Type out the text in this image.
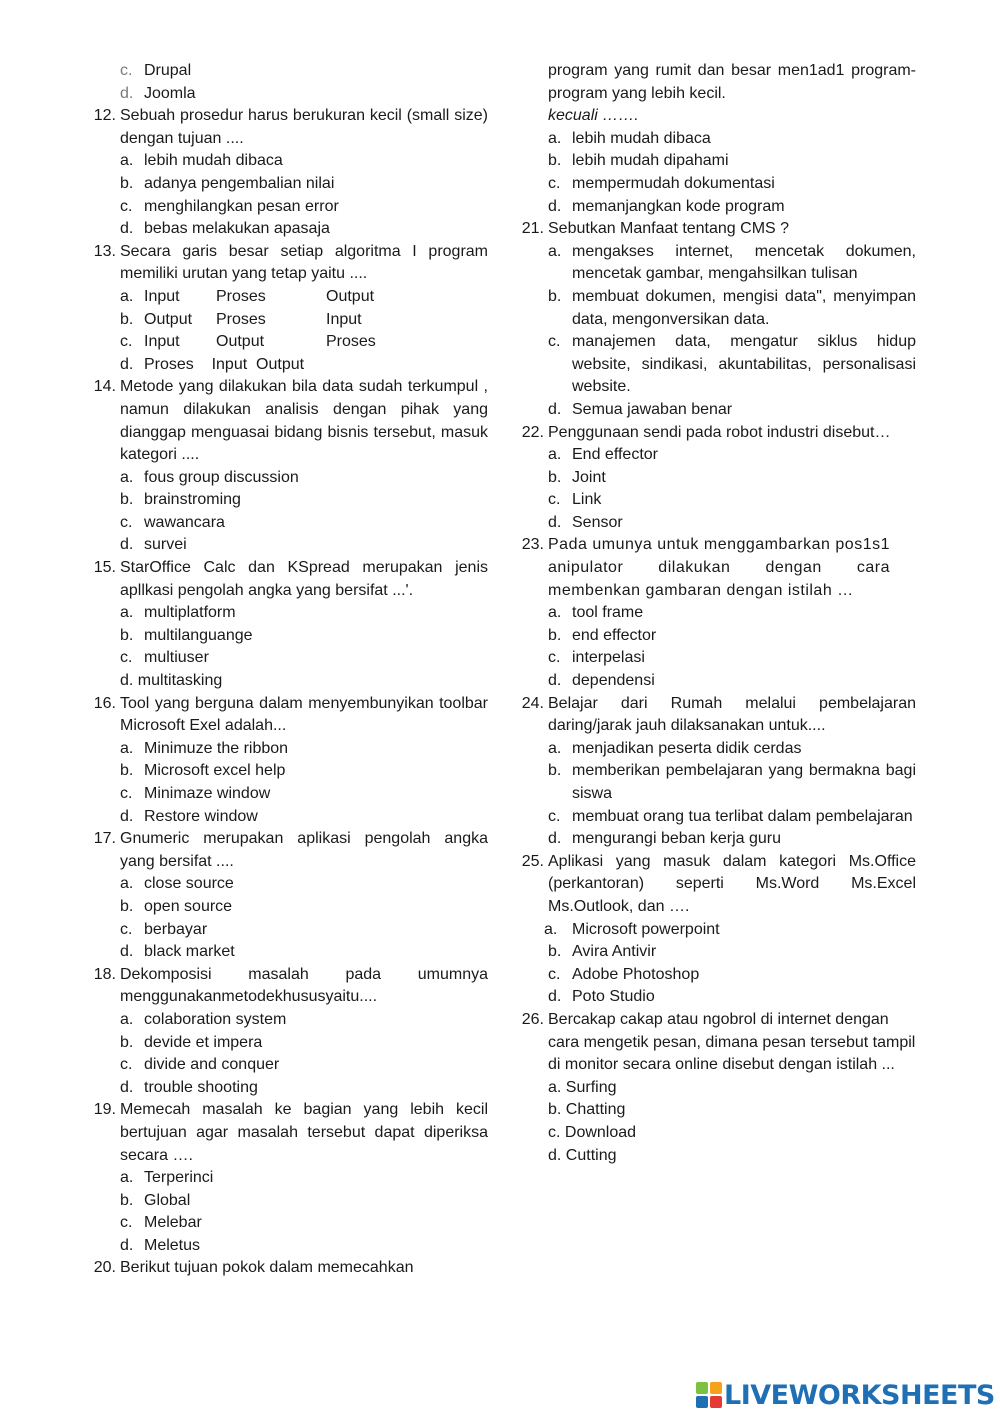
c. Drupal
d. Joomla
12. Sebuah prosedur harus berukuran kecil (small size) dengan tujuan ....
a. lebih mudah dibaca
b. adanya pengembalian nilai
c. menghilangkan pesan error
d. bebas melakukan apasaja
13. Secara garis besar setiap algoritma I program memiliki urutan yang tetap yaitu ....
a. Input Proses	Output
b. Output Proses	Input
c. Input Output	Proses
d. Proses    Input  Output
14. Metode yang dilakukan bila data sudah terkumpul , namun dilakukan analisis dengan pihak yang dianggap menguasai bidang bisnis tersebut, masuk kategori ....
a. fous group discussion
b. brainstroming
c. wawancara
d. survei
15. StarOffice Calc dan KSpread merupakan jenis apllkasi pengolah angka yang bersifat ...'.
a. multiplatform
b. multilanguange
c. multiuser
d. multitasking
16. Tool yang berguna dalam menyembunyikan toolbar Microsoft Exel adalah...
a. Minimuze the ribbon
b. Microsoft excel help
c. Minimaze window
d. Restore window
17. Gnumeric merupakan aplikasi pengolah angka yang bersifat ....
a. close source
b. open source
c. berbayar
d. black market
18. Dekomposisi masalah pada umumnya menggunakanmetodekhususyaitu....
a. colaboration system
b. devide et impera
c. divide and conquer
d. trouble shooting
19. Memecah masalah ke bagian yang lebih kecil bertujuan agar masalah tersebut dapat diperiksa secara ….
a. Terperinci
b. Global
c. Melebar
d. Meletus
20. Berikut tujuan pokok dalam memecahkan
program yang rumit dan besar men1ad1 program-program yang lebih kecil.
kecuali …….
a. lebih mudah dibaca
b. lebih mudah dipahami
c. mempermudah dokumentasi
d. memanjangkan kode program
21. Sebutkan Manfaat tentang CMS ?
a. mengakses internet, mencetak dokumen, mencetak gambar, mengahsilkan tulisan
b. membuat dokumen, mengisi data", menyimpan data, mengonversikan data.
c. manajemen data, mengatur siklus hidup website, sindikasi, akuntabilitas, personalisasi website.
d. Semua jawaban benar
22. Penggunaan sendi pada robot industri disebut…
a. End effector
b. Joint
c. Link
d. Sensor
23. Pada umunya untuk menggambarkan pos1s1 anipulator dilakukan dengan cara membenkan gambaran dengan istilah …
a. tool frame
b. end effector
c. interpelasi
d. dependensi
24. Belajar dari Rumah melalui pembelajaran daring/jarak jauh dilaksanakan untuk....
a. menjadikan peserta didik cerdas
b. memberikan pembelajaran yang bermakna bagi siswa
c. membuat orang tua terlibat dalam pembelajaran
d. mengurangi beban kerja guru
25. Aplikasi yang masuk dalam kategori Ms.Office (perkantoran) seperti Ms.Word Ms.Excel Ms.Outlook, dan ….
a. Microsoft powerpoint
b. Avira Antivir
c. Adobe Photoshop
d. Poto Studio
26. Bercakap cakap atau ngobrol di internet dengan cara mengetik pesan, dimana pesan tersebut tampil di monitor secara online disebut dengan istilah ...
a. Surfing
b. Chatting
c. Download
d. Cutting
LIVEWORKSHEETS
